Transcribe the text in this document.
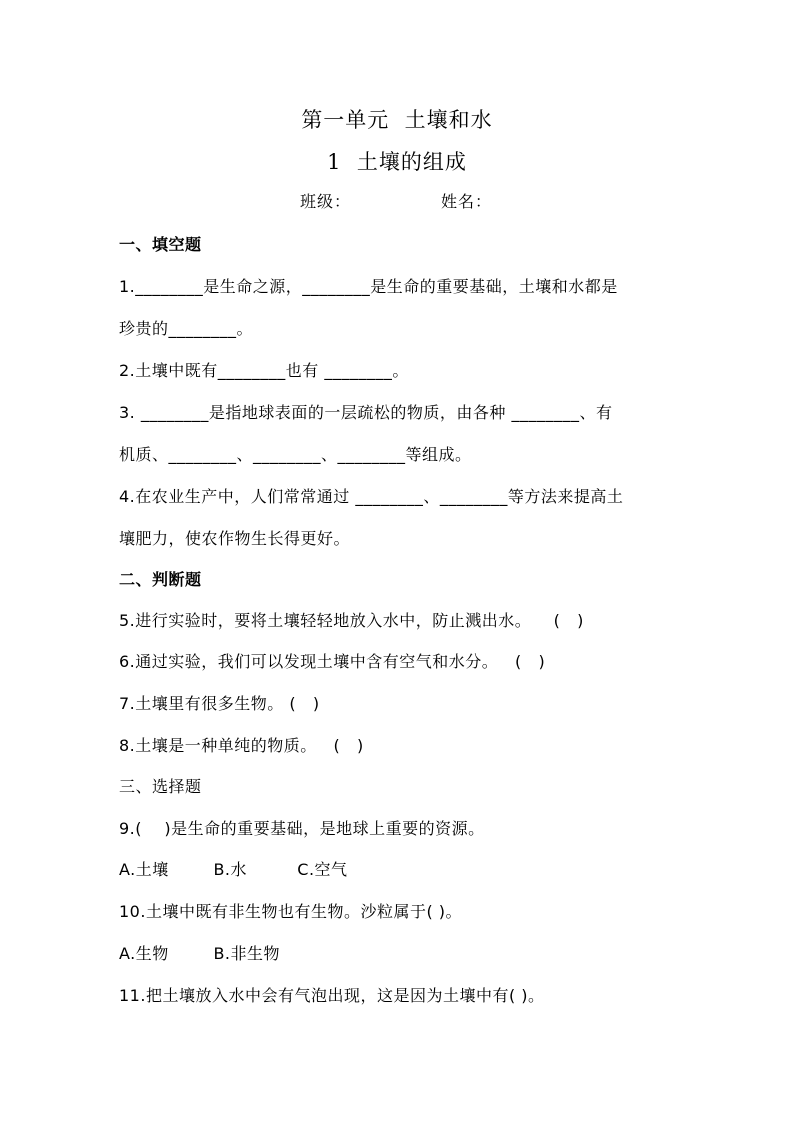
第一单元  土壤和水
1  土壤的组成
班级：	姓名：
一、填空题
1.________是生命之源，________是生命的重要基础，土壤和水都是
珍贵的________。
2.土壤中既有________也有 ________。
3. ________是指地球表面的一层疏松的物质，由各种 ________、有
机质、________、________、________等组成。
4.在农业生产中，人们常常通过 ________、________等方法来提高土
壤肥力，使农作物生长得更好。
二、判断题
5.进行实验时，要将土壤轻轻地放入水中，防止溅出水。    (   )
6.通过实验，我们可以发现土壤中含有空气和水分。   (   )
7.土壤里有很多生物。 (   )
8.土壤是一种单纯的物质。   (   )
三、选择题
9.(    )是生命的重要基础，是地球上重要的资源。
A.土壤        B.水         C.空气
10.土壤中既有非生物也有生物。沙粒属于( )。
A.生物        B.非生物
11.把土壤放入水中会有气泡出现，这是因为土壤中有( )。
